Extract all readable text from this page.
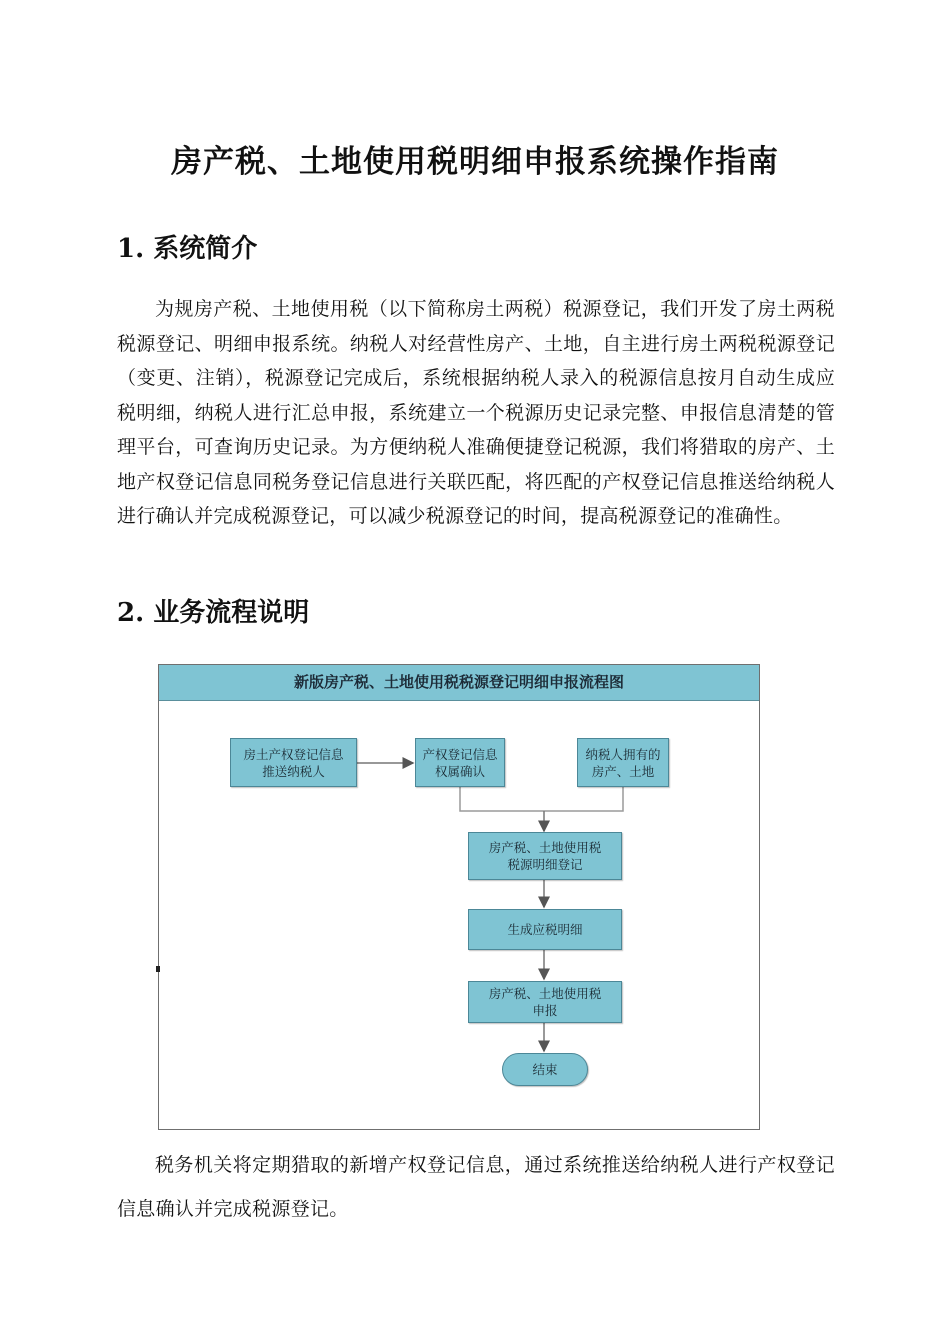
房产税、土地使用税明细申报系统操作指南
1. 系统简介

为规房产税、土地使用税（以下简称房土两税）税源登记，我们开发了房土两税税源登记、明细申报系统。纳税人对经营性房产、土地，自主进行房土两税税源登记（变更、注销），税源登记完成后，系统根据纳税人录入的税源信息按月自动生成应税明细，纳税人进行汇总申报，系统建立一个税源历史记录完整、申报信息清楚的管理平台，可查询历史记录。为方便纳税人准确便捷登记税源，我们将猎取的房产、土地产权登记信息同税务登记信息进行关联匹配，将匹配的产权登记信息推送给纳税人进行确认并完成税源登记，可以减少税源登记的时间，提高税源登记的准确性。

2. 业务流程说明
新版房产税、土地使用税税源登记明细申报流程图
房土产权登记信息
推送纳税人
产权登记信息
权属确认
纳税人拥有的
房产、土地
房产税、土地使用税
税源明细登记
生成应税明细
房产税、土地使用税
申报
结束

税务机关将定期猎取的新增产权登记信息，通过系统推送给纳税人进行产权登记信息确认并完成税源登记。
